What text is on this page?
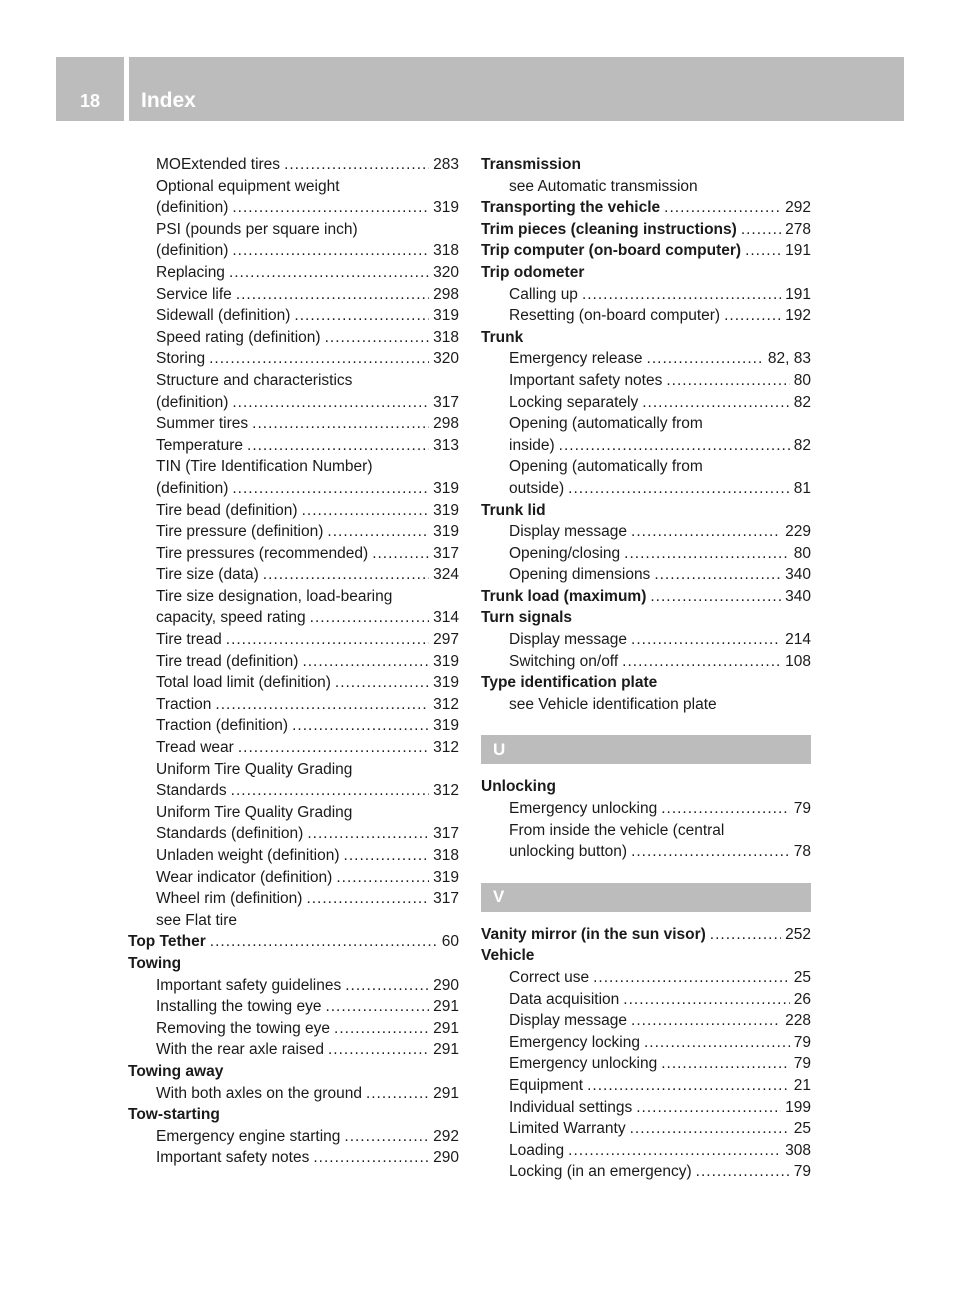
18	Index
MOExtended tires .....	283
Optional equipment weight
(definition) .....	319
PSI (pounds per square inch)
(definition) .....	318
Replacing .....	320
Service life .....	298
Sidewall (definition) .....	319
Speed rating (definition) .....	318
Storing .....	320
Structure and characteristics
(definition) .....	317
Summer tires .....	298
Temperature .....	313
TIN (Tire Identification Number)
(definition) .....	319
Tire bead (definition) .....	319
Tire pressure (definition) .....	319
Tire pressures (recommended) .....	317
Tire size (data) .....	324
Tire size designation, load-bearing
capacity, speed rating .....	314
Tire tread .....	297
Tire tread (definition) .....	319
Total load limit (definition) .....	319
Traction .....	312
Traction (definition) .....	319
Tread wear .....	312
Uniform Tire Quality Grading
Standards .....	312
Uniform Tire Quality Grading
Standards (definition) .....	317
Unladen weight (definition) .....	318
Wear indicator (definition) .....	319
Wheel rim (definition) .....	317
see Flat tire
Top Tether .....	60
Towing
Important safety guidelines .....	290
Installing the towing eye .....	291
Removing the towing eye .....	291
With the rear axle raised .....	291
Towing away
With both axles on the ground .....	291
Tow-starting
Emergency engine starting .....	292
Important safety notes .....	290
Transmission
see Automatic transmission
Transporting the vehicle .....	292
Trim pieces (cleaning instructions) .....	278
Trip computer (on-board computer) .....	191
Trip odometer
Calling up .....	191
Resetting (on-board computer) .....	192
Trunk
Emergency release .....	82, 83
Important safety notes .....	80
Locking separately .....	82
Opening (automatically from
inside) .....	82
Opening (automatically from
outside) .....	81
Trunk lid
Display message .....	229
Opening/closing .....	80
Opening dimensions .....	340
Trunk load (maximum) .....	340
Turn signals
Display message .....	214
Switching on/off .....	108
Type identification plate
see Vehicle identification plate
U
Unlocking
Emergency unlocking .....	79
From inside the vehicle (central
unlocking button) .....	78
V
Vanity mirror (in the sun visor) .....	252
Vehicle
Correct use .....	25
Data acquisition .....	26
Display message .....	228
Emergency locking .....	79
Emergency unlocking .....	79
Equipment .....	21
Individual settings .....	199
Limited Warranty .....	25
Loading .....	308
Locking (in an emergency) .....	79
